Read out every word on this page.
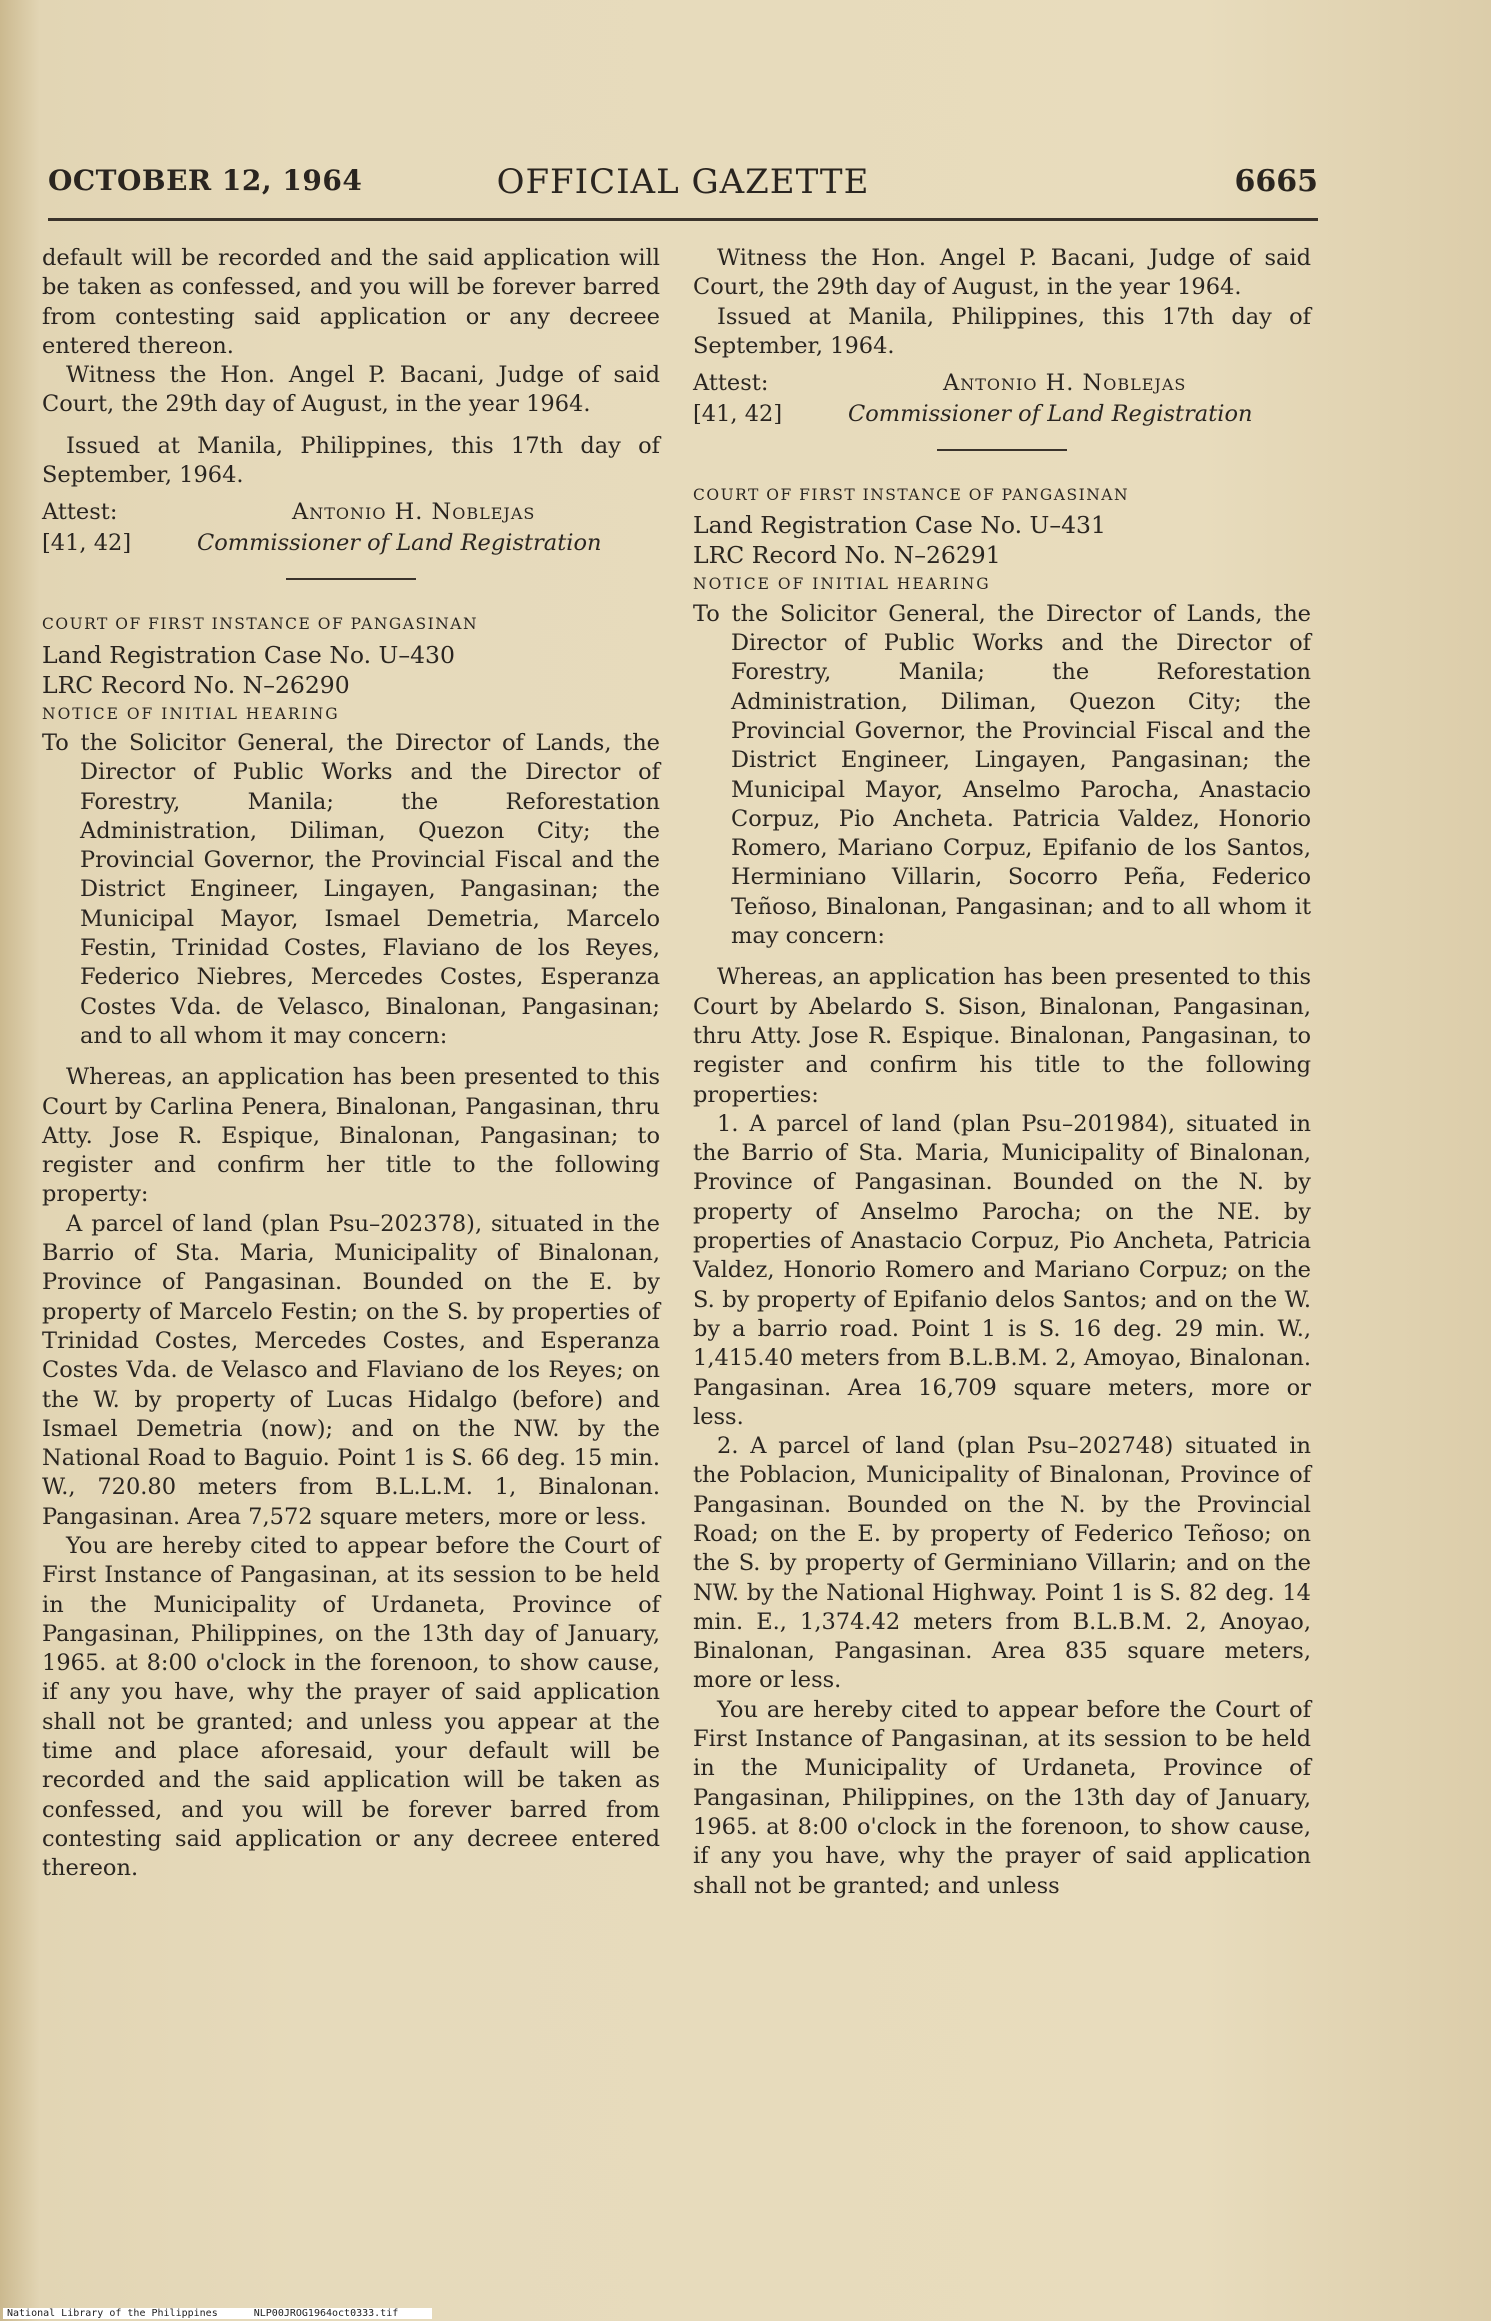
OCTOBER 12, 1964	OFFICIAL GAZETTE	6665

default will be recorded and the said application will be taken as confessed, and you will be forever barred from contesting said application or any decreee entered thereon.

Witness the Hon. Angel P. Bacani, Judge of said Court, the 29th day of August, in the year 1964.

Issued at Manila, Philippines, this 17th day of September, 1964.

Attest:
[41, 42]
Antonio H. Noblejas
Commissioner of Land Registration

COURT OF FIRST INSTANCE OF PANGASINAN

Land Registration Case No. U–430

LRC Record No. N–26290

NOTICE OF INITIAL HEARING

To the Solicitor General, the Director of Lands, the Director of Public Works and the Director of Forestry, Manila; the Reforestation Administration, Diliman, Quezon City; the Provincial Governor, the Provincial Fiscal and the District Engineer, Lingayen, Pangasinan; the Municipal Mayor, Ismael Demetria, Marcelo Festin, Trinidad Costes, Flaviano de los Reyes, Federico Niebres, Mercedes Costes, Esperanza Costes Vda. de Velasco, Binalonan, Pangasinan; and to all whom it may concern:

Whereas, an application has been presented to this Court by Carlina Penera, Binalonan, Pangasinan, thru Atty. Jose R. Espique, Binalonan, Pangasinan; to register and confirm her title to the following property:

A parcel of land (plan Psu–202378), situated in the Barrio of Sta. Maria, Municipality of Binalonan, Province of Pangasinan. Bounded on the E. by property of Marcelo Festin; on the S. by properties of Trinidad Costes, Mercedes Costes, and Esperanza Costes Vda. de Velasco and Flaviano de los Reyes; on the W. by property of Lucas Hidalgo (before) and Ismael Demetria (now); and on the NW. by the National Road to Baguio. Point 1 is S. 66 deg. 15 min. W., 720.80 meters from B.L.L.M. 1, Binalonan. Pangasinan. Area 7,572 square meters, more or less.

You are hereby cited to appear before the Court of First Instance of Pangasinan, at its session to be held in the Municipality of Urdaneta, Province of Pangasinan, Philippines, on the 13th day of January, 1965. at 8:00 o'clock in the forenoon, to show cause, if any you have, why the prayer of said application shall not be granted; and unless you appear at the time and place aforesaid, your default will be recorded and the said application will be taken as confessed, and you will be forever barred from contesting said application or any decreee entered thereon.

Witness the Hon. Angel P. Bacani, Judge of said Court, the 29th day of August, in the year 1964.

Issued at Manila, Philippines, this 17th day of September, 1964.

Attest:
[41, 42]
Antonio H. Noblejas
Commissioner of Land Registration

COURT OF FIRST INSTANCE OF PANGASINAN

Land Registration Case No. U–431

LRC Record No. N–26291

NOTICE OF INITIAL HEARING

To the Solicitor General, the Director of Lands, the Director of Public Works and the Director of Forestry, Manila; the Reforestation Administration, Diliman, Quezon City; the Provincial Governor, the Provincial Fiscal and the District Engineer, Lingayen, Pangasinan; the Municipal Mayor, Anselmo Parocha, Anastacio Corpuz, Pio Ancheta. Patricia Valdez, Honorio Romero, Mariano Corpuz, Epifanio de los Santos, Herminiano Villarin, Socorro Peña, Federico Teñoso, Binalonan, Pangasinan; and to all whom it may concern:

Whereas, an application has been presented to this Court by Abelardo S. Sison, Binalonan, Pangasinan, thru Atty. Jose R. Espique. Binalonan, Pangasinan, to register and confirm his title to the following properties:

1. A parcel of land (plan Psu–201984), situated in the Barrio of Sta. Maria, Municipality of Binalonan, Province of Pangasinan. Bounded on the N. by property of Anselmo Parocha; on the NE. by properties of Anastacio Corpuz, Pio Ancheta, Patricia Valdez, Honorio Romero and Mariano Corpuz; on the S. by property of Epifanio delos Santos; and on the W. by a barrio road. Point 1 is S. 16 deg. 29 min. W., 1,415.40 meters from B.L.B.M. 2, Amoyao, Binalonan. Pangasinan. Area 16,709 square meters, more or less.

2. A parcel of land (plan Psu–202748) situated in the Poblacion, Municipality of Binalonan, Province of Pangasinan. Bounded on the N. by the Provincial Road; on the E. by property of Federico Teñoso; on the S. by property of Germiniano Villarin; and on the NW. by the National Highway. Point 1 is S. 82 deg. 14 min. E., 1,374.42 meters from B.L.B.M. 2, Anoyao, Binalonan, Pangasinan. Area 835 square meters, more or less.

You are hereby cited to appear before the Court of First Instance of Pangasinan, at its session to be held in the Municipality of Urdaneta, Province of Pangasinan, Philippines, on the 13th day of January, 1965. at 8:00 o'clock in the forenoon, to show cause, if any you have, why the prayer of said application shall not be granted; and unless

National Library of the Philippines	NLP00JROG1964oct0333.tif
